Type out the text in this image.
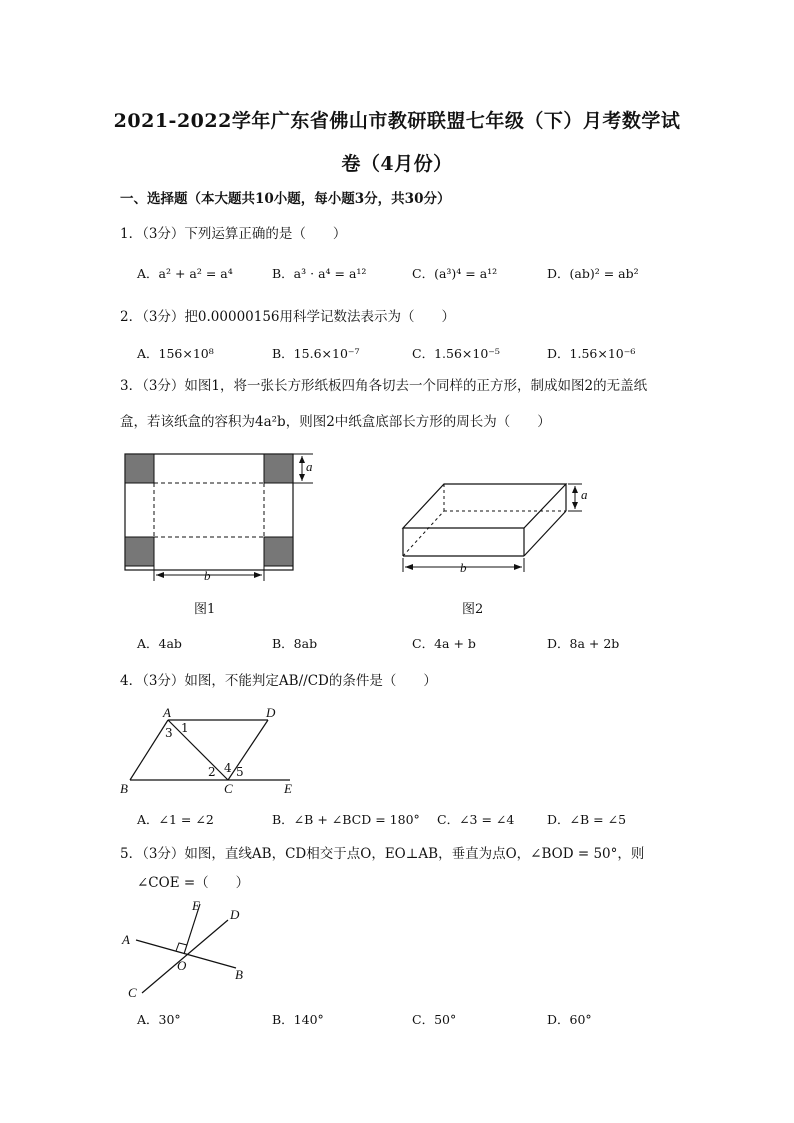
2021-2022学年广东省佛山市教研联盟七年级（下）月考数学试
卷（4月份）
一、选择题（本大题共10小题，每小题3分，共30分）
1．（3分）下列运算正确的是（　　）
A．a² + a² = a⁴	B．a³ · a⁴ = a¹²	C．(a³)⁴ = a¹²	D．(ab)² = ab²
2．（3分）把0.00000156用科学记数法表示为（　　）
A．156×10⁸	B．15.6×10⁻⁷	C．1.56×10⁻⁵	D．1.56×10⁻⁶
3．（3分）如图1，将一张长方形纸板四角各切去一个同样的正方形，制成如图2的无盖纸
盒，若该纸盒的容积为4a²b，则图2中纸盒底部长方形的周长为（　　）
a
b
图1
a
b
图2
A．4ab	B．8ab	C．4a + b	D．8a + 2b
4．（3分）如图，不能判定AB//CD的条件是（　　）
A	D
B	C	E
1
2
3
4 5
A．∠1 = ∠2	B．∠B + ∠BCD = 180° C．∠3 = ∠4	D．∠B = ∠5
5．（3分）如图，直线AB，CD相交于点O，EO⊥AB，垂直为点O，∠BOD = 50°，则
∠COE =（　　）
A
B
C
D
E
O
A．30°	B．140°	C．50°	D．60°
